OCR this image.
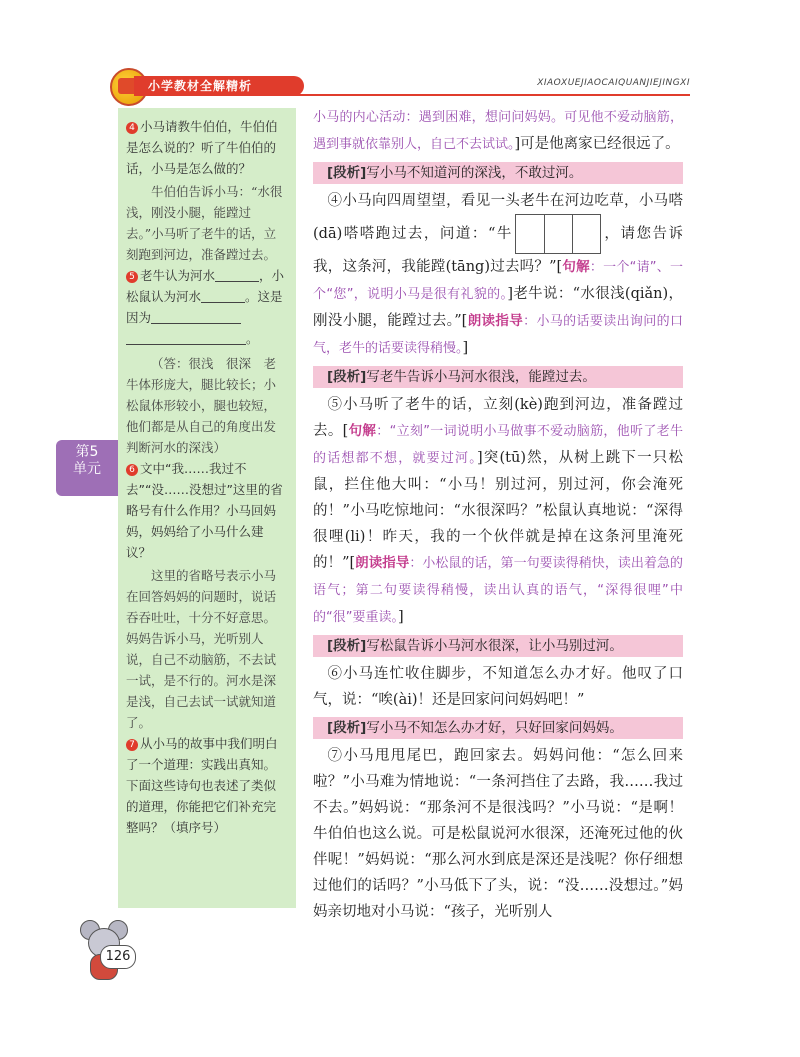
小学教材全解精析	XIAOXUEJIAOCAIQUANJIEJINGXI
第5
单元

4 小马请教牛伯伯，牛伯伯是怎么说的？听了牛伯伯的话，小马是怎么做的？

牛伯伯告诉小马：“水很浅，刚没小腿，能蹚过去。”小马听了老牛的话，立刻跑到河边，准备蹚过去。

5 老牛认为河水	，小松鼠认为河水	。这是因为
。

（答：很浅　很深　老牛体形庞大，腿比较长；小松鼠体形较小，腿也较短，他们都是从自己的角度出发判断河水的深浅）

6 文中“我……我过不去”“没……没想过”这里的省略号有什么作用？小马回妈妈，妈妈给了小马什么建议？

这里的省略号表示小马在回答妈妈的问题时，说话吞吞吐吐，十分不好意思。妈妈告诉小马，光听别人说，自己不动脑筋，不去试一试，是不行的。河水是深是浅，自己去试一试就知道了。

7 从小马的故事中我们明白了一个道理：实践出真知。下面这些诗句也表述了类似的道理，你能把它们补充完整吗？（填序号）

小马的内心活动：遇到困难，想问问妈妈。可见他不爱动脑筋，遇到事就依靠别人，自己不去试试。]可是他离家已经很远了。

[段析]写小马不知道河的深浅，不敢过河。

④小马向四周望望，看见一头老牛在河边吃草，小马嗒(dā)嗒嗒跑过去，问道：“牛	，请您告诉我，这条河，我能蹚(tāng)过去吗？”[句解：一个“请”、一个“您”，说明小马是很有礼貌的。]老牛说：“水很浅(qiǎn)，刚没小腿，能蹚过去。”[朗读指导：小马的话要读出询问的口气，老牛的话要读得稍慢。]

[段析]写老牛告诉小马河水很浅，能蹚过去。

⑤小马听了老牛的话，立刻(kè)跑到河边，准备蹚过去。[句解：“立刻”一词说明小马做事不爱动脑筋，他听了老牛的话想都不想，就要过河。]突(tū)然，从树上跳下一只松鼠，拦住他大叫：“小马！别过河，别过河，你会淹死的！”小马吃惊地问：“水很深吗？”松鼠认真地说：“深得很哩(li)！昨天，我的一个伙伴就是掉在这条河里淹死的！”[朗读指导：小松鼠的话，第一句要读得稍快，读出着急的语气；第二句要读得稍慢，读出认真的语气，“深得很哩”中的“很”要重读。]

[段析]写松鼠告诉小马河水很深，让小马别过河。

⑥小马连忙收住脚步，不知道怎么办才好。他叹了口气，说：“唉(ài)！还是回家问问妈妈吧！”

[段析]写小马不知怎么办才好，只好回家问妈妈。

⑦小马甩甩尾巴，跑回家去。妈妈问他：“怎么回来啦？”小马难为情地说：“一条河挡住了去路，我……我过不去。”妈妈说：“那条河不是很浅吗？”小马说：“是啊！牛伯伯也这么说。可是松鼠说河水很深，还淹死过他的伙伴呢！”妈妈说：“那么河水到底是深还是浅呢？你仔细想过他们的话吗？”小马低下了头，说：“没……没想过。”妈妈亲切地对小马说：“孩子，光听别人

126
